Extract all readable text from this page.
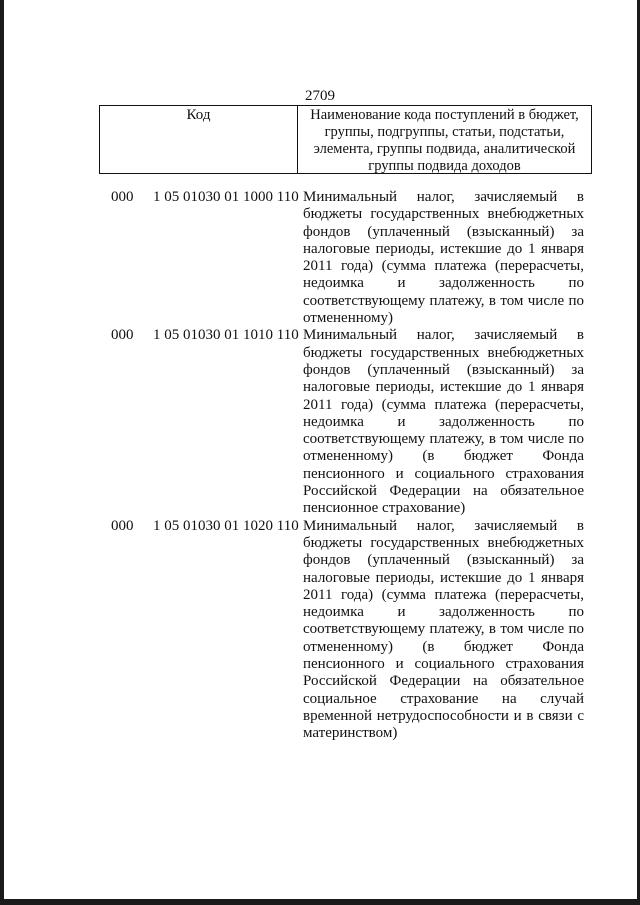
2709
Код	Наименование кода поступлений в бюджет, группы, подгруппы, статьи, подстатьи, элемента, группы подвида, аналитической группы подвида доходов
000 1 05 01030 01 1000 110 Минимальный налог, зачисляемый в бюджеты государственных внебюджетных фондов (уплаченный (взысканный) за налоговые периоды, истекшие до 1 января 2011 года) (сумма платежа (перерасчеты, недоимка и задолженность по соответствующему платежу, в том числе по отмененному)
000 1 05 01030 01 1010 110 Минимальный налог, зачисляемый в бюджеты государственных внебюджетных фондов (уплаченный (взысканный) за налоговые периоды, истекшие до 1 января 2011 года) (сумма платежа (перерасчеты, недоимка и задолженность по соответствующему платежу, в том числе по отмененному) (в бюджет Фонда пенсионного и социального страхования Российской Федерации на обязательное пенсионное страхование)
000 1 05 01030 01 1020 110 Минимальный налог, зачисляемый в бюджеты государственных внебюджетных фондов (уплаченный (взысканный) за налоговые периоды, истекшие до 1 января 2011 года) (сумма платежа (перерасчеты, недоимка и задолженность по соответствующему платежу, в том числе по отмененному) (в бюджет Фонда пенсионного и социального страхования Российской Федерации на обязательное социальное страхование на случай временной нетрудоспособности и в связи с материнством)
